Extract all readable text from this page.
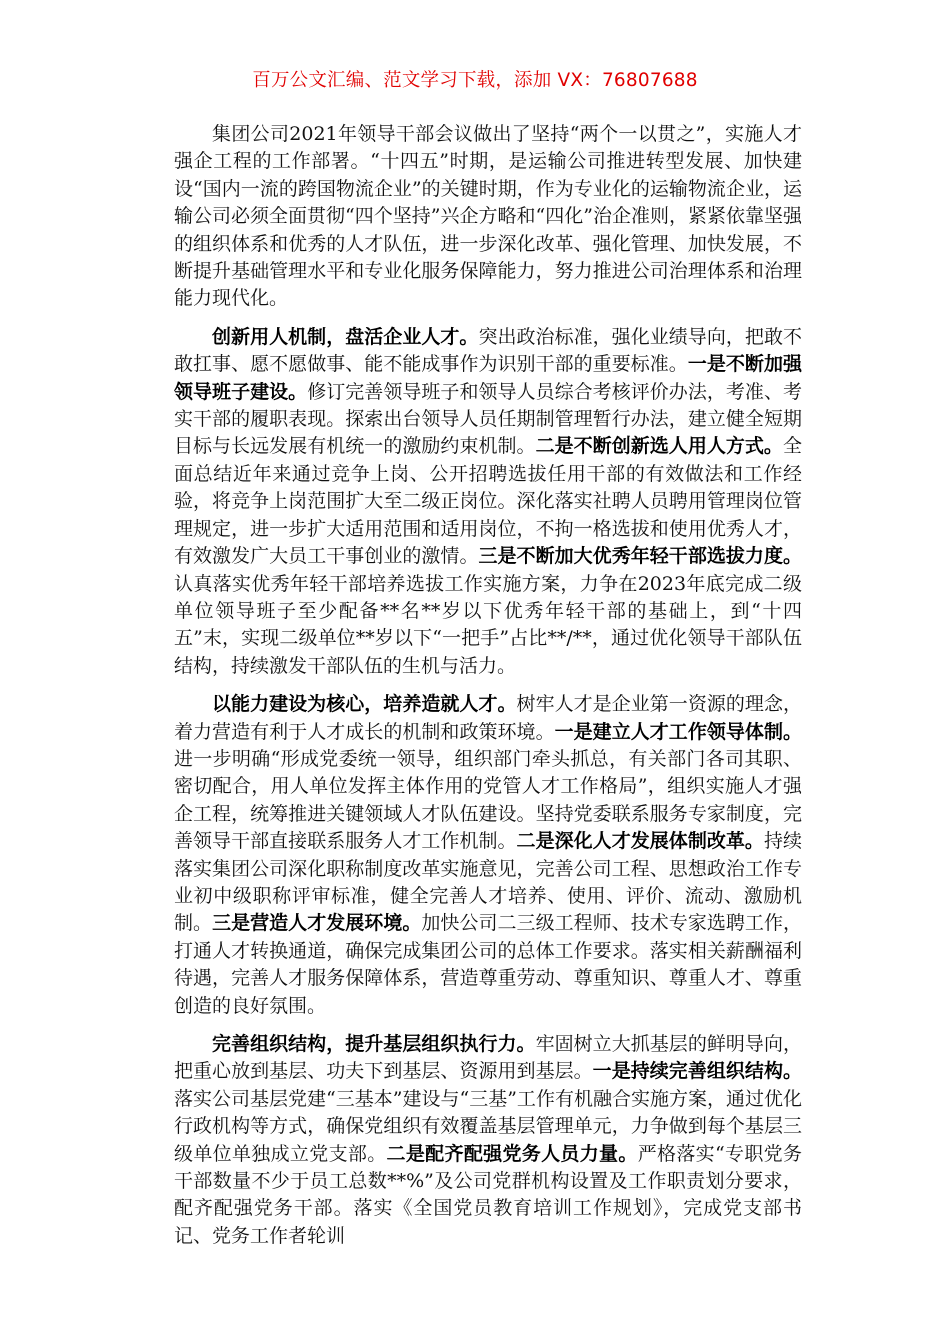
百万公文汇编、范文学习下载，添加 VX：76807688

集团公司2021年领导干部会议做出了坚持“两个一以贯之”，实施人才强企工程的工作部署。“十四五”时期，是运输公司推进转型发展、加快建设“国内一流的跨国物流企业”的关键时期，作为专业化的运输物流企业，运输公司必须全面贯彻“四个坚持”兴企方略和“四化”治企准则，紧紧依靠坚强的组织体系和优秀的人才队伍，进一步深化改革、强化管理、加快发展，不断提升基础管理水平和专业化服务保障能力，努力推进公司治理体系和治理能力现代化。

创新用人机制，盘活企业人才。突出政治标准，强化业绩导向，把敢不敢扛事、愿不愿做事、能不能成事作为识别干部的重要标准。一是不断加强领导班子建设。修订完善领导班子和领导人员综合考核评价办法，考准、考实干部的履职表现。探索出台领导人员任期制管理暂行办法，建立健全短期目标与长远发展有机统一的激励约束机制。二是不断创新选人用人方式。全面总结近年来通过竞争上岗、公开招聘选拔任用干部的有效做法和工作经验，将竞争上岗范围扩大至二级正岗位。深化落实社聘人员聘用管理岗位管理规定，进一步扩大适用范围和适用岗位，不拘一格选拔和使用优秀人才，有效激发广大员工干事创业的激情。三是不断加大优秀年轻干部选拔力度。认真落实优秀年轻干部培养选拔工作实施方案，力争在2023年底完成二级单位领导班子至少配备**名**岁以下优秀年轻干部的基础上，到“十四五”末，实现二级单位**岁以下“一把手”占比**/**，通过优化领导干部队伍结构，持续激发干部队伍的生机与活力。

以能力建设为核心，培养造就人才。树牢人才是企业第一资源的理念，着力营造有利于人才成长的机制和政策环境。一是建立人才工作领导体制。进一步明确“形成党委统一领导，组织部门牵头抓总，有关部门各司其职、密切配合，用人单位发挥主体作用的党管人才工作格局”，组织实施人才强企工程，统筹推进关键领域人才队伍建设。坚持党委联系服务专家制度，完善领导干部直接联系服务人才工作机制。二是深化人才发展体制改革。持续落实集团公司深化职称制度改革实施意见，完善公司工程、思想政治工作专业初中级职称评审标准，健全完善人才培养、使用、评价、流动、激励机制。三是营造人才发展环境。加快公司二三级工程师、技术专家选聘工作，打通人才转换通道，确保完成集团公司的总体工作要求。落实相关薪酬福利待遇，完善人才服务保障体系，营造尊重劳动、尊重知识、尊重人才、尊重创造的良好氛围。

完善组织结构，提升基层组织执行力。牢固树立大抓基层的鲜明导向，把重心放到基层、功夫下到基层、资源用到基层。一是持续完善组织结构。落实公司基层党建“三基本”建设与“三基”工作有机融合实施方案，通过优化行政机构等方式，确保党组织有效覆盖基层管理单元，力争做到每个基层三级单位单独成立党支部。二是配齐配强党务人员力量。严格落实“专职党务干部数量不少于员工总数**%”及公司党群机构设置及工作职责划分要求，配齐配强党务干部。落实《全国党员教育培训工作规划》，完成党支部书记、党务工作者轮训
